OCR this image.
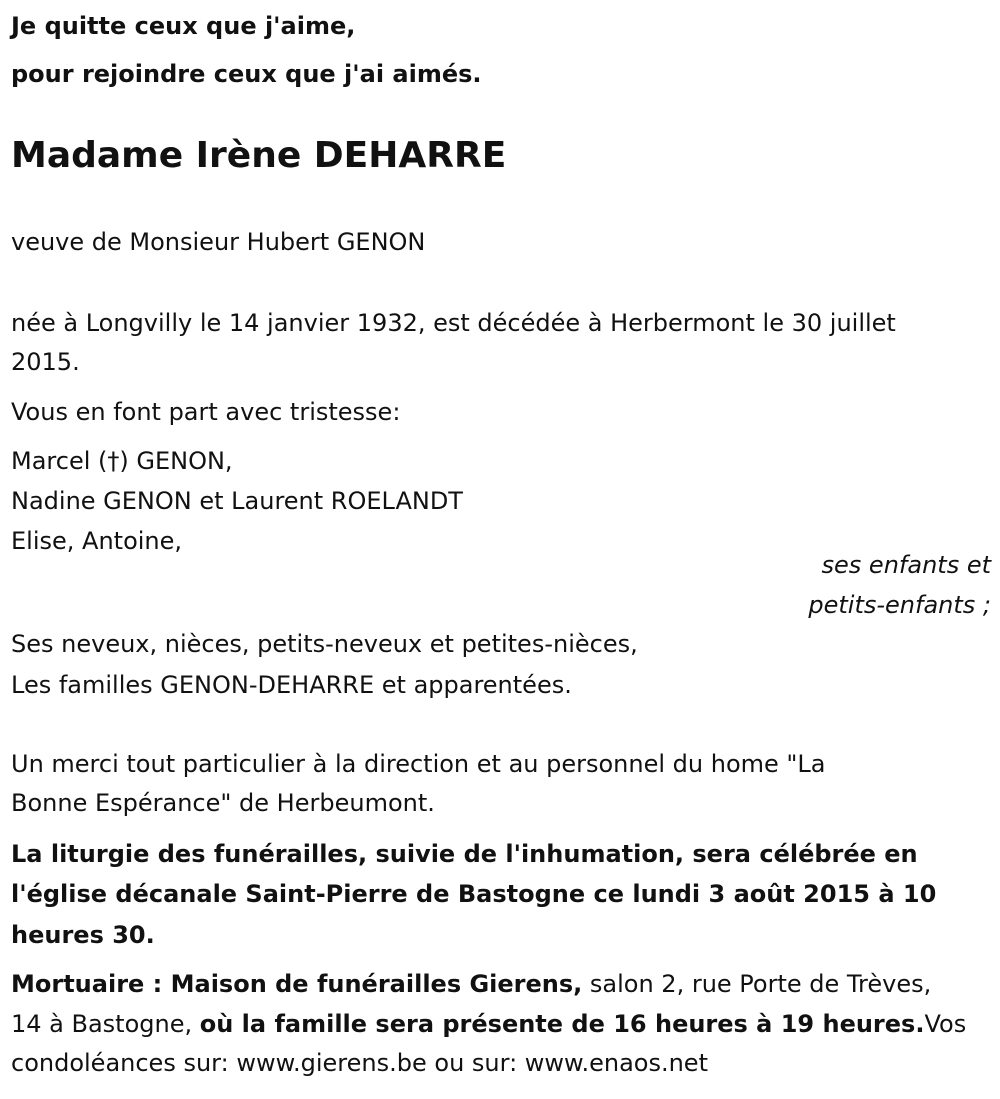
Je quitte ceux que j'aime,
pour rejoindre ceux que j'ai aimés.
Madame Irène DEHARRE
veuve de Monsieur Hubert GENON
née à Longvilly le 14 janvier 1932, est décédée à Herbermont le 30 juillet
2015.
Vous en font part avec tristesse:
Marcel (†) GENON,
Nadine GENON et Laurent ROELANDT
Elise, Antoine,
ses enfants et
petits-enfants ;
Ses neveux, nièces, petits-neveux et petites-nièces,
Les familles GENON-DEHARRE et apparentées.
Un merci tout particulier à la direction et au personnel du home "La
Bonne Espérance" de Herbeumont.
La liturgie des funérailles, suivie de l'inhumation, sera célébrée en
l'église décanale Saint-Pierre de Bastogne ce lundi 3 août 2015 à 10
heures 30.
Mortuaire : Maison de funérailles Gierens, salon 2, rue Porte de Trèves,
14 à Bastogne, où la famille sera présente de 16 heures à 19 heures.Vos
condoléances sur: www.gierens.be ou sur: www.enaos.net
